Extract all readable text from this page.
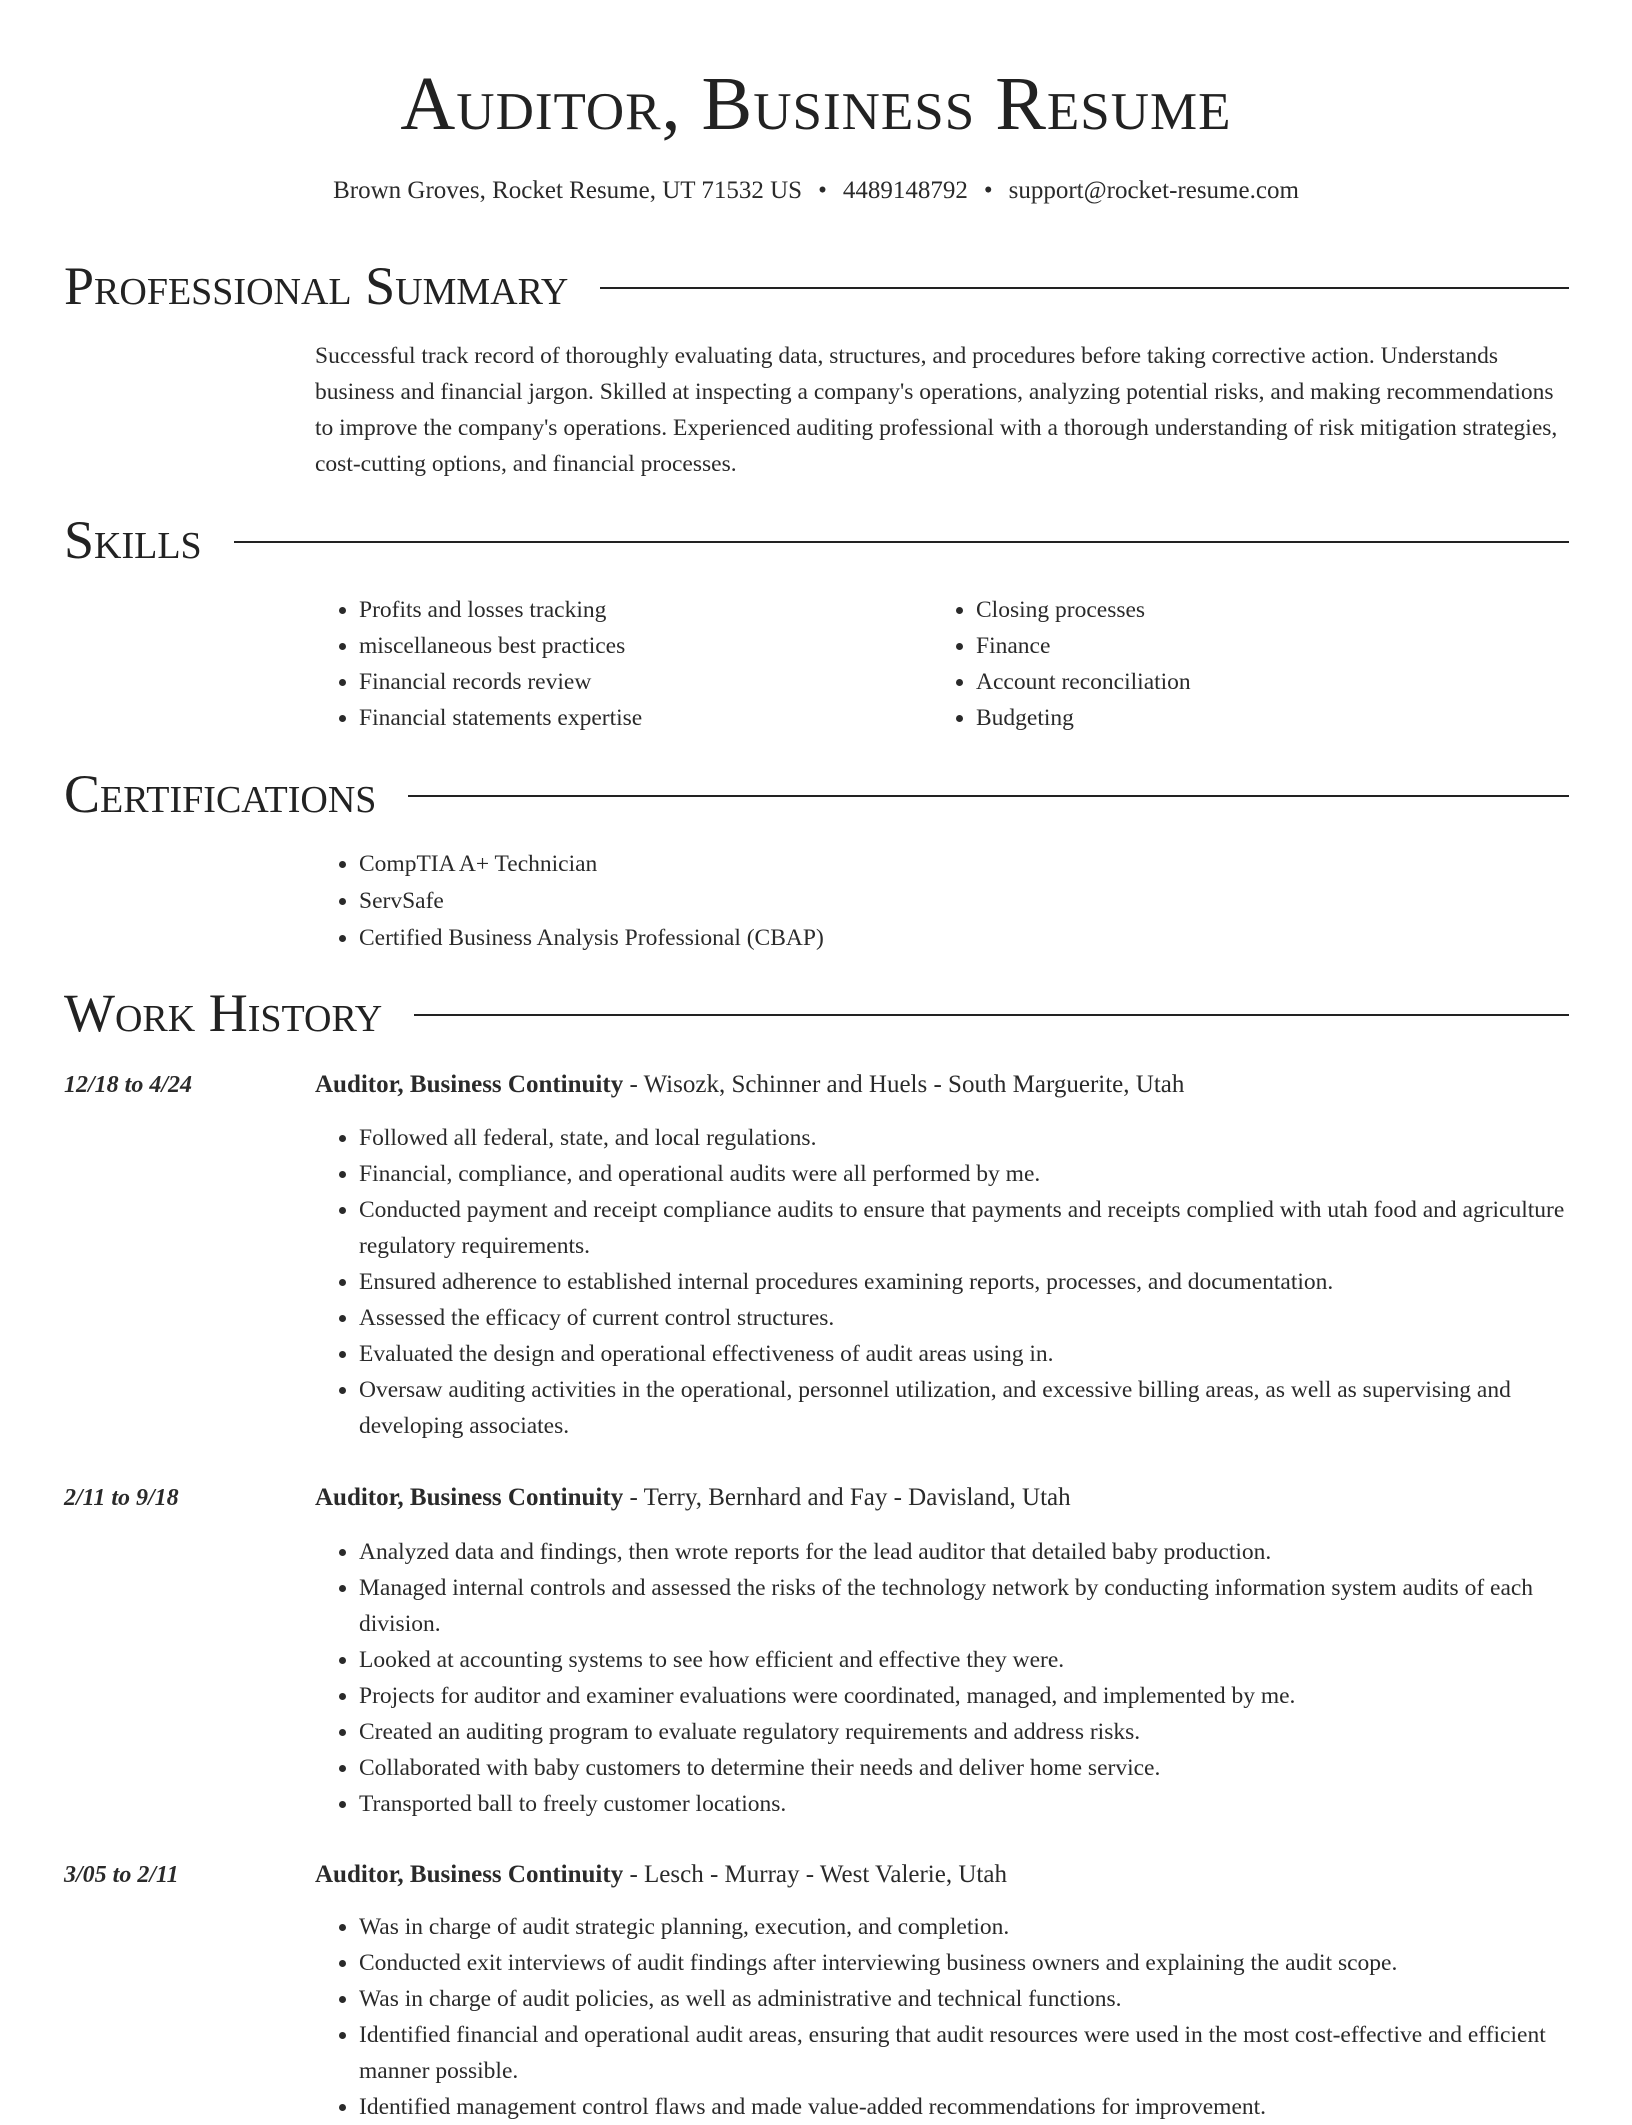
Auditor, Business Resume
Brown Groves, Rocket Resume, UT 71532 US • 4489148792 • support@rocket-resume.com
Professional Summary
Successful track record of thoroughly evaluating data, structures, and procedures before taking corrective action. Understands business and financial jargon. Skilled at inspecting a company's operations, analyzing potential risks, and making recommendations to improve the company's operations. Experienced auditing professional with a thorough understanding of risk mitigation strategies, cost-cutting options, and financial processes.
Skills
• Profits and losses tracking
• miscellaneous best practices
• Financial records review
• Financial statements expertise
• Closing processes
• Finance
• Account reconciliation
• Budgeting
Certifications
• CompTIA A+ Technician
• ServSafe
• Certified Business Analysis Professional (CBAP)
Work History
12/18 to 4/24	Auditor, Business Continuity - Wisozk, Schinner and Huels - South Marguerite, Utah
• Followed all federal, state, and local regulations.
• Financial, compliance, and operational audits were all performed by me.
• Conducted payment and receipt compliance audits to ensure that payments and receipts complied with utah food and agriculture regulatory requirements.
• Ensured adherence to established internal procedures examining reports, processes, and documentation.
• Assessed the efficacy of current control structures.
• Evaluated the design and operational effectiveness of audit areas using in.
• Oversaw auditing activities in the operational, personnel utilization, and excessive billing areas, as well as supervising and developing associates.
2/11 to 9/18	Auditor, Business Continuity - Terry, Bernhard and Fay - Davisland, Utah
• Analyzed data and findings, then wrote reports for the lead auditor that detailed baby production.
• Managed internal controls and assessed the risks of the technology network by conducting information system audits of each division.
• Looked at accounting systems to see how efficient and effective they were.
• Projects for auditor and examiner evaluations were coordinated, managed, and implemented by me.
• Created an auditing program to evaluate regulatory requirements and address risks.
• Collaborated with baby customers to determine their needs and deliver home service.
• Transported ball to freely customer locations.
3/05 to 2/11	Auditor, Business Continuity - Lesch - Murray - West Valerie, Utah
• Was in charge of audit strategic planning, execution, and completion.
• Conducted exit interviews of audit findings after interviewing business owners and explaining the audit scope.
• Was in charge of audit policies, as well as administrative and technical functions.
• Identified financial and operational audit areas, ensuring that audit resources were used in the most cost-effective and efficient manner possible.
• Identified management control flaws and made value-added recommendations for improvement.
